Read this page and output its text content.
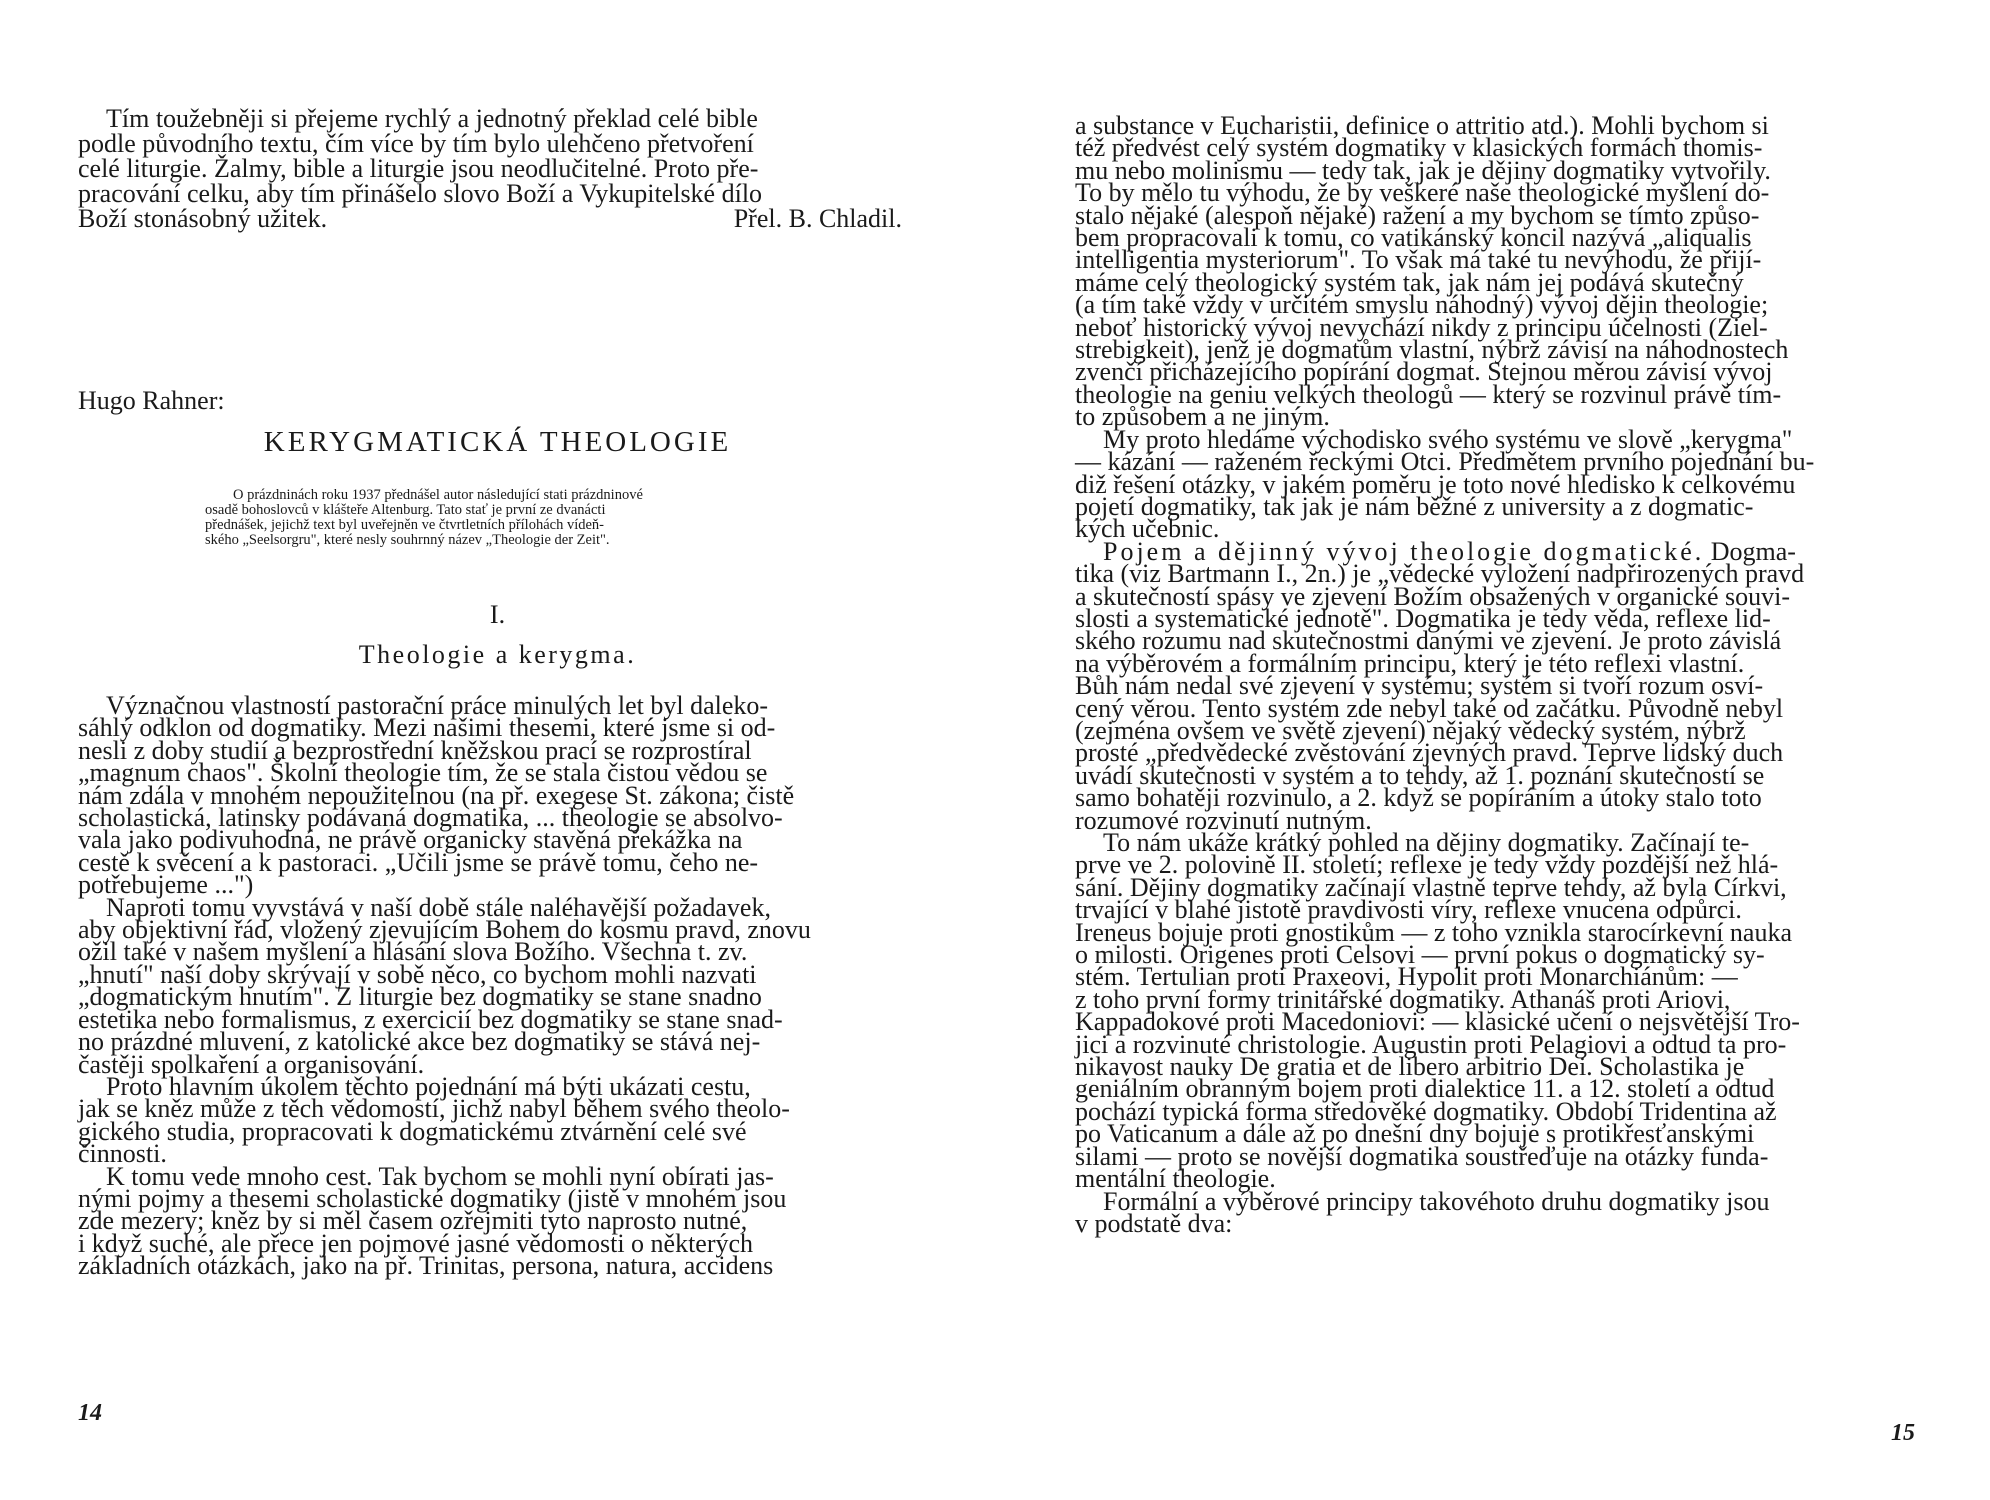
Tím toužebněji si přejeme rychlý a jednotný překlad celé bible
podle původního textu, čím více by tím bylo ulehčeno přetvoření
celé liturgie. Žalmy, bible a liturgie jsou neodlučitelné. Proto pře-
pracování celku, aby tím přinášelo slovo Boží a Vykupitelské dílo
Boží stonásobný užitek.	Přel. B. Chladil.
Hugo Rahner:
KERYGMATICKÁ THEOLOGIE
O prázdninách roku 1937 přednášel autor následující stati prázdninové
osadě bohoslovců v klášteře Altenburg. Tato stať je první ze dvanácti
přednášek, jejichž text byl uveřejněn ve čtvrtletních přílohách vídeň-
ského „Seelsorgru", které nesly souhrnný název „Theologie der Zeit".
I.
Theologie a kerygma.
Význačnou vlastností pastorační práce minulých let byl daleko-
sáhlý odklon od dogmatiky. Mezi našimi thesemi, které jsme si od-
nesli z doby studií a bezprostřední kněžskou prací se rozprostíral
„magnum chaos". Školní theologie tím, že se stala čistou vědou se
nám zdála v mnohém nepoužitelnou (na př. exegese St. zákona; čistě
scholastická, latinsky podávaná dogmatika, ... theologie se absolvo-
vala jako podivuhodná, ne právě organicky stavěná překážka na
cestě k svěcení a k pastoraci. „Učili jsme se právě tomu, čeho ne-
potřebujeme ...")
Naproti tomu vyvstává v naší době stále naléhavější požadavek,
aby objektivní řád, vložený zjevujícím Bohem do kosmu pravd, znovu
ožil také v našem myšlení a hlásání slova Božího. Všechna t. zv.
„hnutí" naší doby skrývají v sobě něco, co bychom mohli nazvati
„dogmatickým hnutím". Z liturgie bez dogmatiky se stane snadno
estetika nebo formalismus, z exercicií bez dogmatiky se stane snad-
no prázdné mluvení, z katolické akce bez dogmatiky se stává nej-
častěji spolkaření a organisování.
Proto hlavním úkolem těchto pojednání má býti ukázati cestu,
jak se kněz může z těch vědomostí, jichž nabyl během svého theolo-
gického studia, propracovati k dogmatickému ztvárnění celé své
činnosti.
K tomu vede mnoho cest. Tak bychom se mohli nyní obírati jas-
nými pojmy a thesemi scholastické dogmatiky (jistě v mnohém jsou
zde mezery; kněz by si měl časem ozřejmiti tyto naprosto nutné,
i když suché, ale přece jen pojmové jasné vědomosti o některých
základních otázkách, jako na př. Trinitas, persona, natura, accidens
14
a substance v Eucharistii, definice o attritio atd.). Mohli bychom si
též předvést celý systém dogmatiky v klasických formách thomis-
mu nebo molinismu — tedy tak, jak je dějiny dogmatiky vytvořily.
To by mělo tu výhodu, že by veškeré naše theologické myšlení do-
stalo nějaké (alespoň nějaké) ražení a my bychom se tímto způso-
bem propracovali k tomu, co vatikánský koncil nazývá „aliqualis
intelligentia mysteriorum". To však má také tu nevýhodu, že přijí-
máme celý theologický systém tak, jak nám jej podává skutečný
(a tím také vždy v určitém smyslu náhodný) vývoj dějin theologie;
neboť historický vývoj nevychází nikdy z principu účelnosti (Ziel-
strebigkeit), jenž je dogmatům vlastní, nýbrž závisí na náhodnostech
zvenčí přicházejícího popírání dogmat. Stejnou měrou závisí vývoj
theologie na geniu velkých theologů — který se rozvinul právě tím-
to způsobem a ne jiným.
My proto hledáme východisko svého systému ve slově „kerygma"
— kázání — raženém řeckými Otci. Předmětem prvního pojednání bu-
diž řešení otázky, v jakém poměru je toto nové hledisko k celkovému
pojetí dogmatiky, tak jak je nám běžné z university a z dogmatic-
kých učebnic.
Pojem a dějinný vývoj theologie dogmatické. Dogma-
tika (viz Bartmann I., 2n.) je „vědecké vyložení nadpřirozených pravd
a skutečností spásy ve zjevení Božím obsažených v organické souvi-
slosti a systematické jednotě". Dogmatika je tedy věda, reflexe lid-
ského rozumu nad skutečnostmi danými ve zjevení. Je proto závislá
na výběrovém a formálním principu, který je této reflexi vlastní.
Bůh nám nedal své zjevení v systému; systém si tvoří rozum osví-
cený věrou. Tento systém zde nebyl také od začátku. Původně nebyl
(zejména ovšem ve světě zjevení) nějaký vědecký systém, nýbrž
prosté „předvědecké zvěstování zjevných pravd. Teprve lidský duch
uvádí skutečnosti v systém a to tehdy, až 1. poznání skutečností se
samo bohatěji rozvinulo, a 2. když se popíráním a útoky stalo toto
rozumové rozvinutí nutným.
To nám ukáže krátký pohled na dějiny dogmatiky. Začínají te-
prve ve 2. polovině II. století; reflexe je tedy vždy pozdější než hlá-
sání. Dějiny dogmatiky začínají vlastně teprve tehdy, až byla Církvi,
trvající v blahé jistotě pravdivosti víry, reflexe vnucena odpůrci.
Ireneus bojuje proti gnostikům — z toho vznikla starocírkevní nauka
o milosti. Origenes proti Celsovi — první pokus o dogmatický sy-
stém. Tertulian proti Praxeovi, Hypolit proti Monarchiánům: —
z toho první formy trinitářské dogmatiky. Athanáš proti Ariovi,
Kappadokové proti Macedoniovi: — klasické učení o nejsvětější Tro-
jici a rozvinuté christologie. Augustin proti Pelagiovi a odtud ta pro-
nikavost nauky De gratia et de libero arbitrio Dei. Scholastika je
geniálním obranným bojem proti dialektice 11. a 12. století a odtud
pochází typická forma středověké dogmatiky. Období Tridentina až
po Vaticanum a dále až po dnešní dny bojuje s protikřesťanskými
silami — proto se novější dogmatika soustřeďuje na otázky funda-
mentální theologie.
Formální a výběrové principy takovéhoto druhu dogmatiky jsou
v podstatě dva:
15
